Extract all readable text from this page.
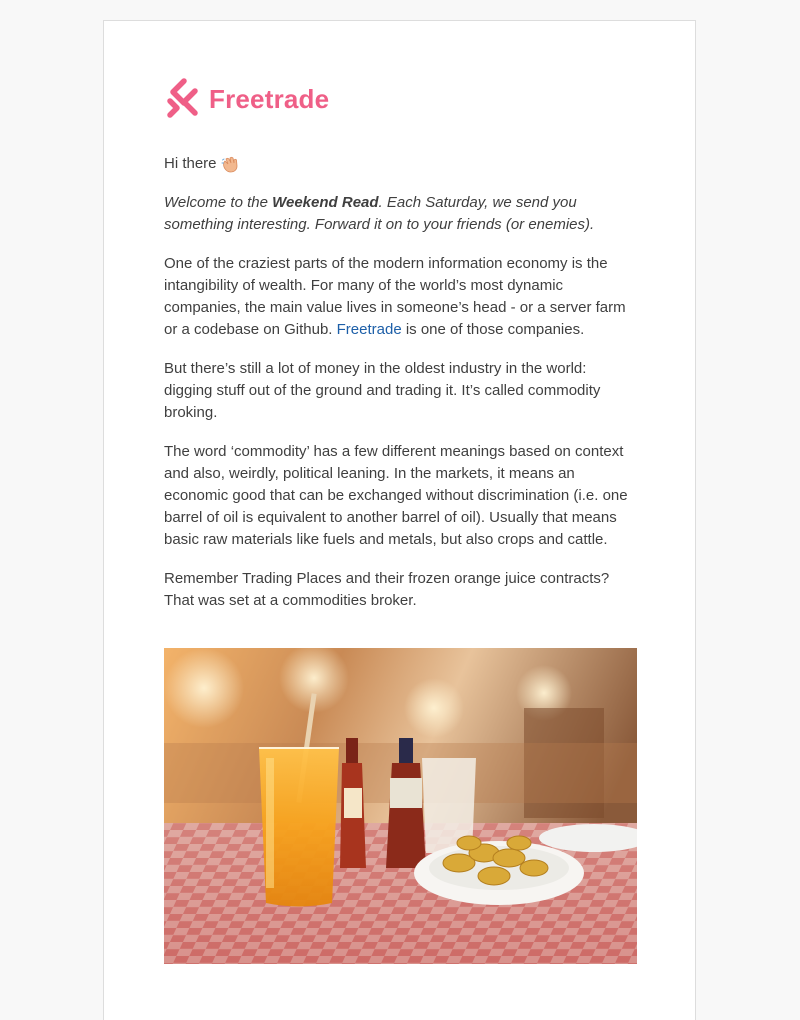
Freetrade
Hi there

Welcome to the Weekend Read. Each Saturday, we send you something interesting. Forward it on to your friends (or enemies).

One of the craziest parts of the modern information economy is the intangibility of wealth. For many of the world’s most dynamic companies, the main value lives in someone’s head - or a server farm or a codebase on Github. Freetrade is one of those companies.

But there’s still a lot of money in the oldest industry in the world: digging stuff out of the ground and trading it. It’s called commodity broking.

The word ‘commodity’ has a few different meanings based on context and also, weirdly, political leaning. In the markets, it means an economic good that can be exchanged without discrimination (i.e. one barrel of oil is equivalent to another barrel of oil). Usually that means basic raw materials like fuels and metals, but also crops and cattle.

Remember Trading Places and their frozen orange juice contracts? That was set at a commodities broker.
